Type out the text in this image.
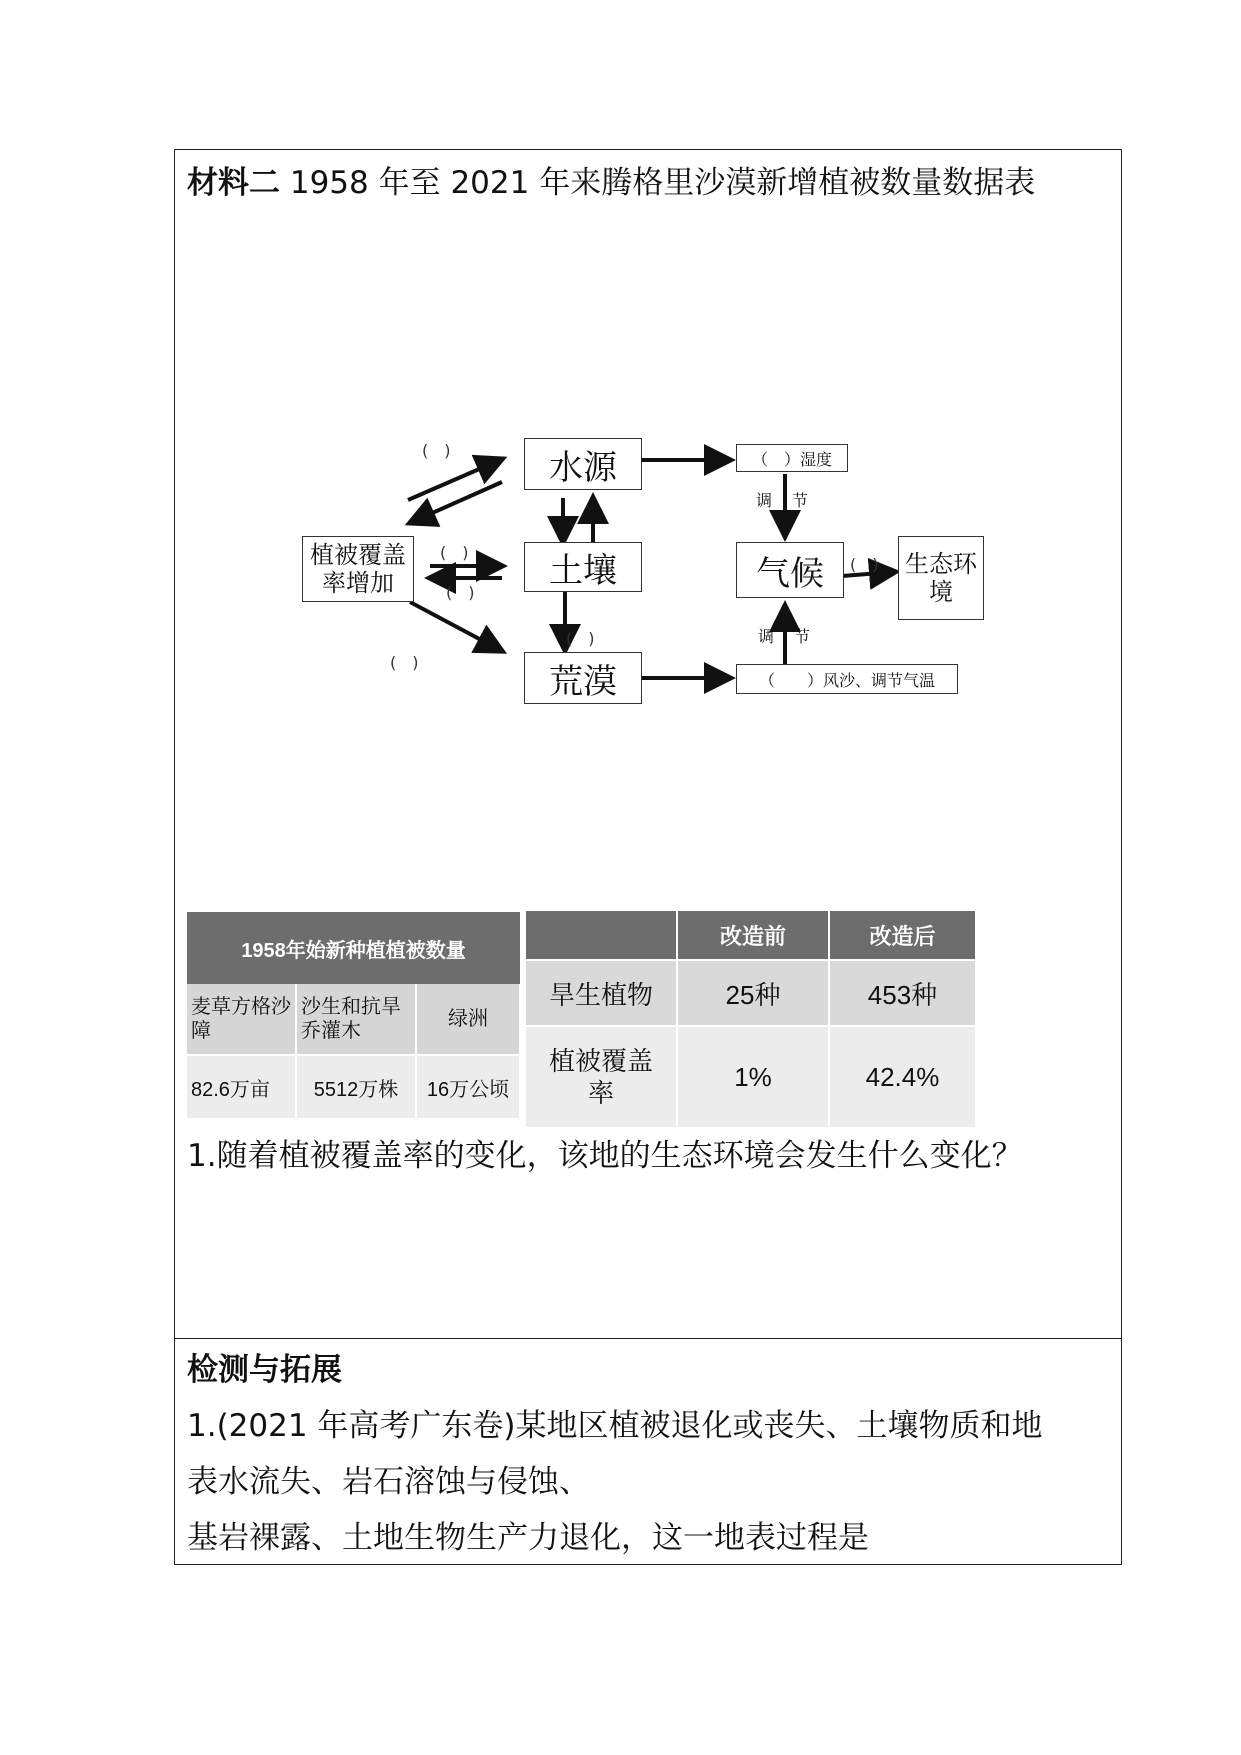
材料二 1958 年至 2021 年来腾格里沙漠新增植被数量数据表
植被覆盖率增加
水源
土壤
荒漠
（　）湿度
气候	生态环境
（　　）风沙、调节气温
调 节
调 节
(　)
(　)
(　)
(　)
(　)
(　)
1958年始新种植植被数量		
麦草方格沙障	沙生和抗旱乔灌木	绿洲
82.6万亩	5512万株	16万公顷
	改造前	改造后
旱生植物	25种	453种
植被覆盖率	1%	42.4%
1.随着植被覆盖率的变化，该地的生态环境会发生什么变化？
检测与拓展
1.(2021 年高考广东卷)某地区植被退化或丧失、土壤物质和地
表水流失、岩石溶蚀与侵蚀、
基岩裸露、土地生物生产力退化，这一地表过程是
